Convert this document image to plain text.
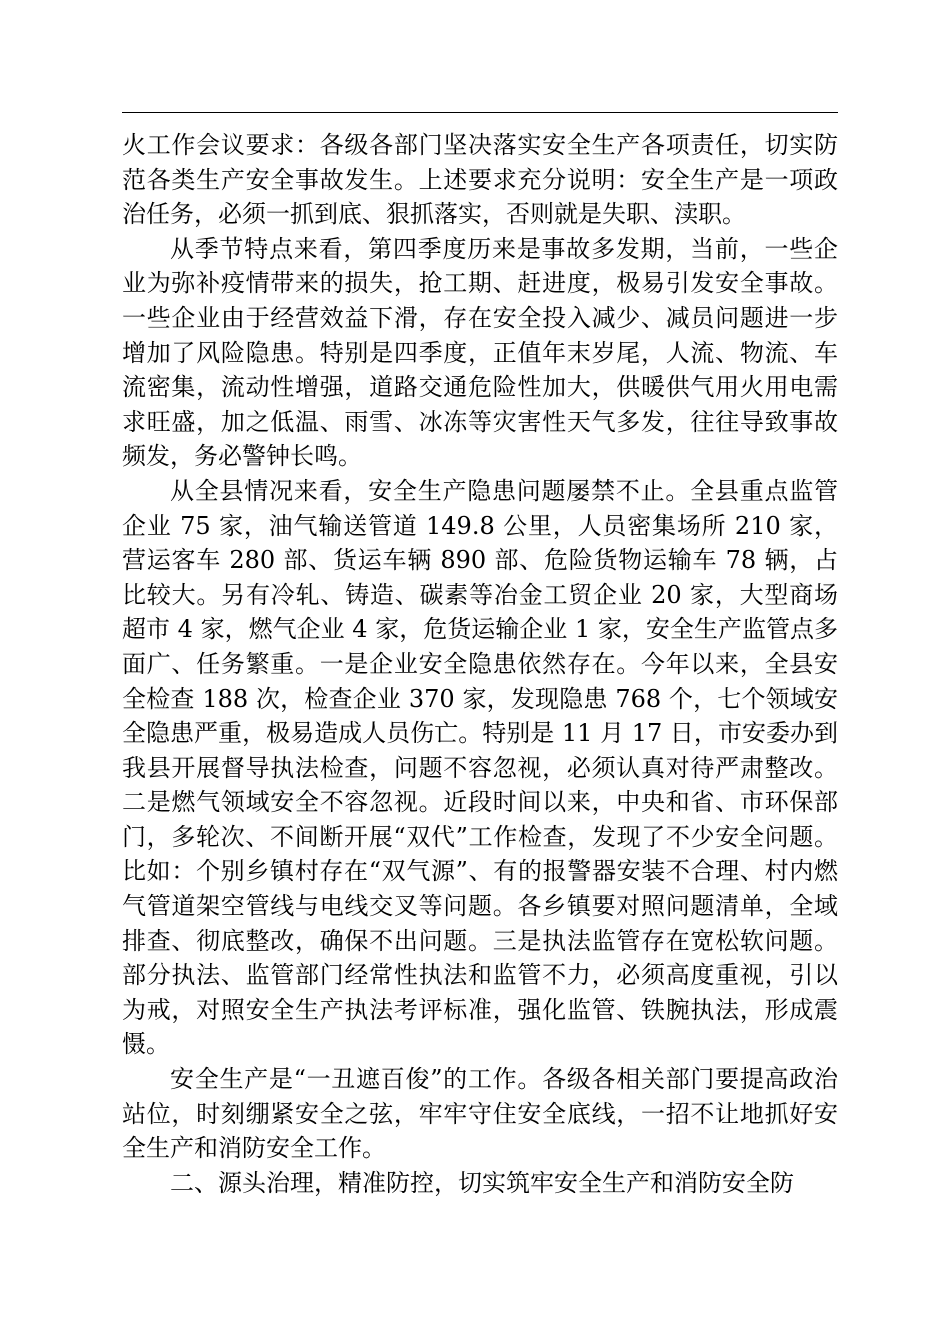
火工作会议要求：各级各部门坚决落实安全生产各项责任，切实防范各类生产安全事故发生。上述要求充分说明：安全生产是一项政治任务，必须一抓到底、狠抓落实，否则就是失职、渎职。

从季节特点来看，第四季度历来是事故多发期，当前，一些企业为弥补疫情带来的损失，抢工期、赶进度，极易引发安全事故。一些企业由于经营效益下滑，存在安全投入减少、减员问题进一步增加了风险隐患。特别是四季度，正值年末岁尾，人流、物流、车流密集，流动性增强，道路交通危险性加大，供暖供气用火用电需求旺盛，加之低温、雨雪、冰冻等灾害性天气多发，往往导致事故频发，务必警钟长鸣。

从全县情况来看，安全生产隐患问题屡禁不止。全县重点监管企业 75 家，油气输送管道 149.8 公里，人员密集场所 210 家，营运客车 280 部、货运车辆 890 部、危险货物运输车 78 辆，占比较大。另有冷轧、铸造、碳素等冶金工贸企业 20 家，大型商场超市 4 家，燃气企业 4 家，危货运输企业 1 家，安全生产监管点多面广、任务繁重。一是企业安全隐患依然存在。今年以来，全县安全检查 188 次，检查企业 370 家，发现隐患 768 个，七个领域安全隐患严重，极易造成人员伤亡。特别是 11 月 17 日，市安委办到我县开展督导执法检查，问题不容忽视，必须认真对待严肃整改。二是燃气领域安全不容忽视。近段时间以来，中央和省、市环保部门，多轮次、不间断开展“双代”工作检查，发现了不少安全问题。比如：个别乡镇村存在“双气源”、有的报警器安装不合理、村内燃气管道架空管线与电线交叉等问题。各乡镇要对照问题清单，全域排查、彻底整改，确保不出问题。三是执法监管存在宽松软问题。部分执法、监管部门经常性执法和监管不力，必须高度重视，引以为戒，对照安全生产执法考评标准，强化监管、铁腕执法，形成震慑。

安全生产是“一丑遮百俊”的工作。各级各相关部门要提高政治站位，时刻绷紧安全之弦，牢牢守住安全底线，一招不让地抓好安全生产和消防安全工作。

二、源头治理，精准防控，切实筑牢安全生产和消防安全防
